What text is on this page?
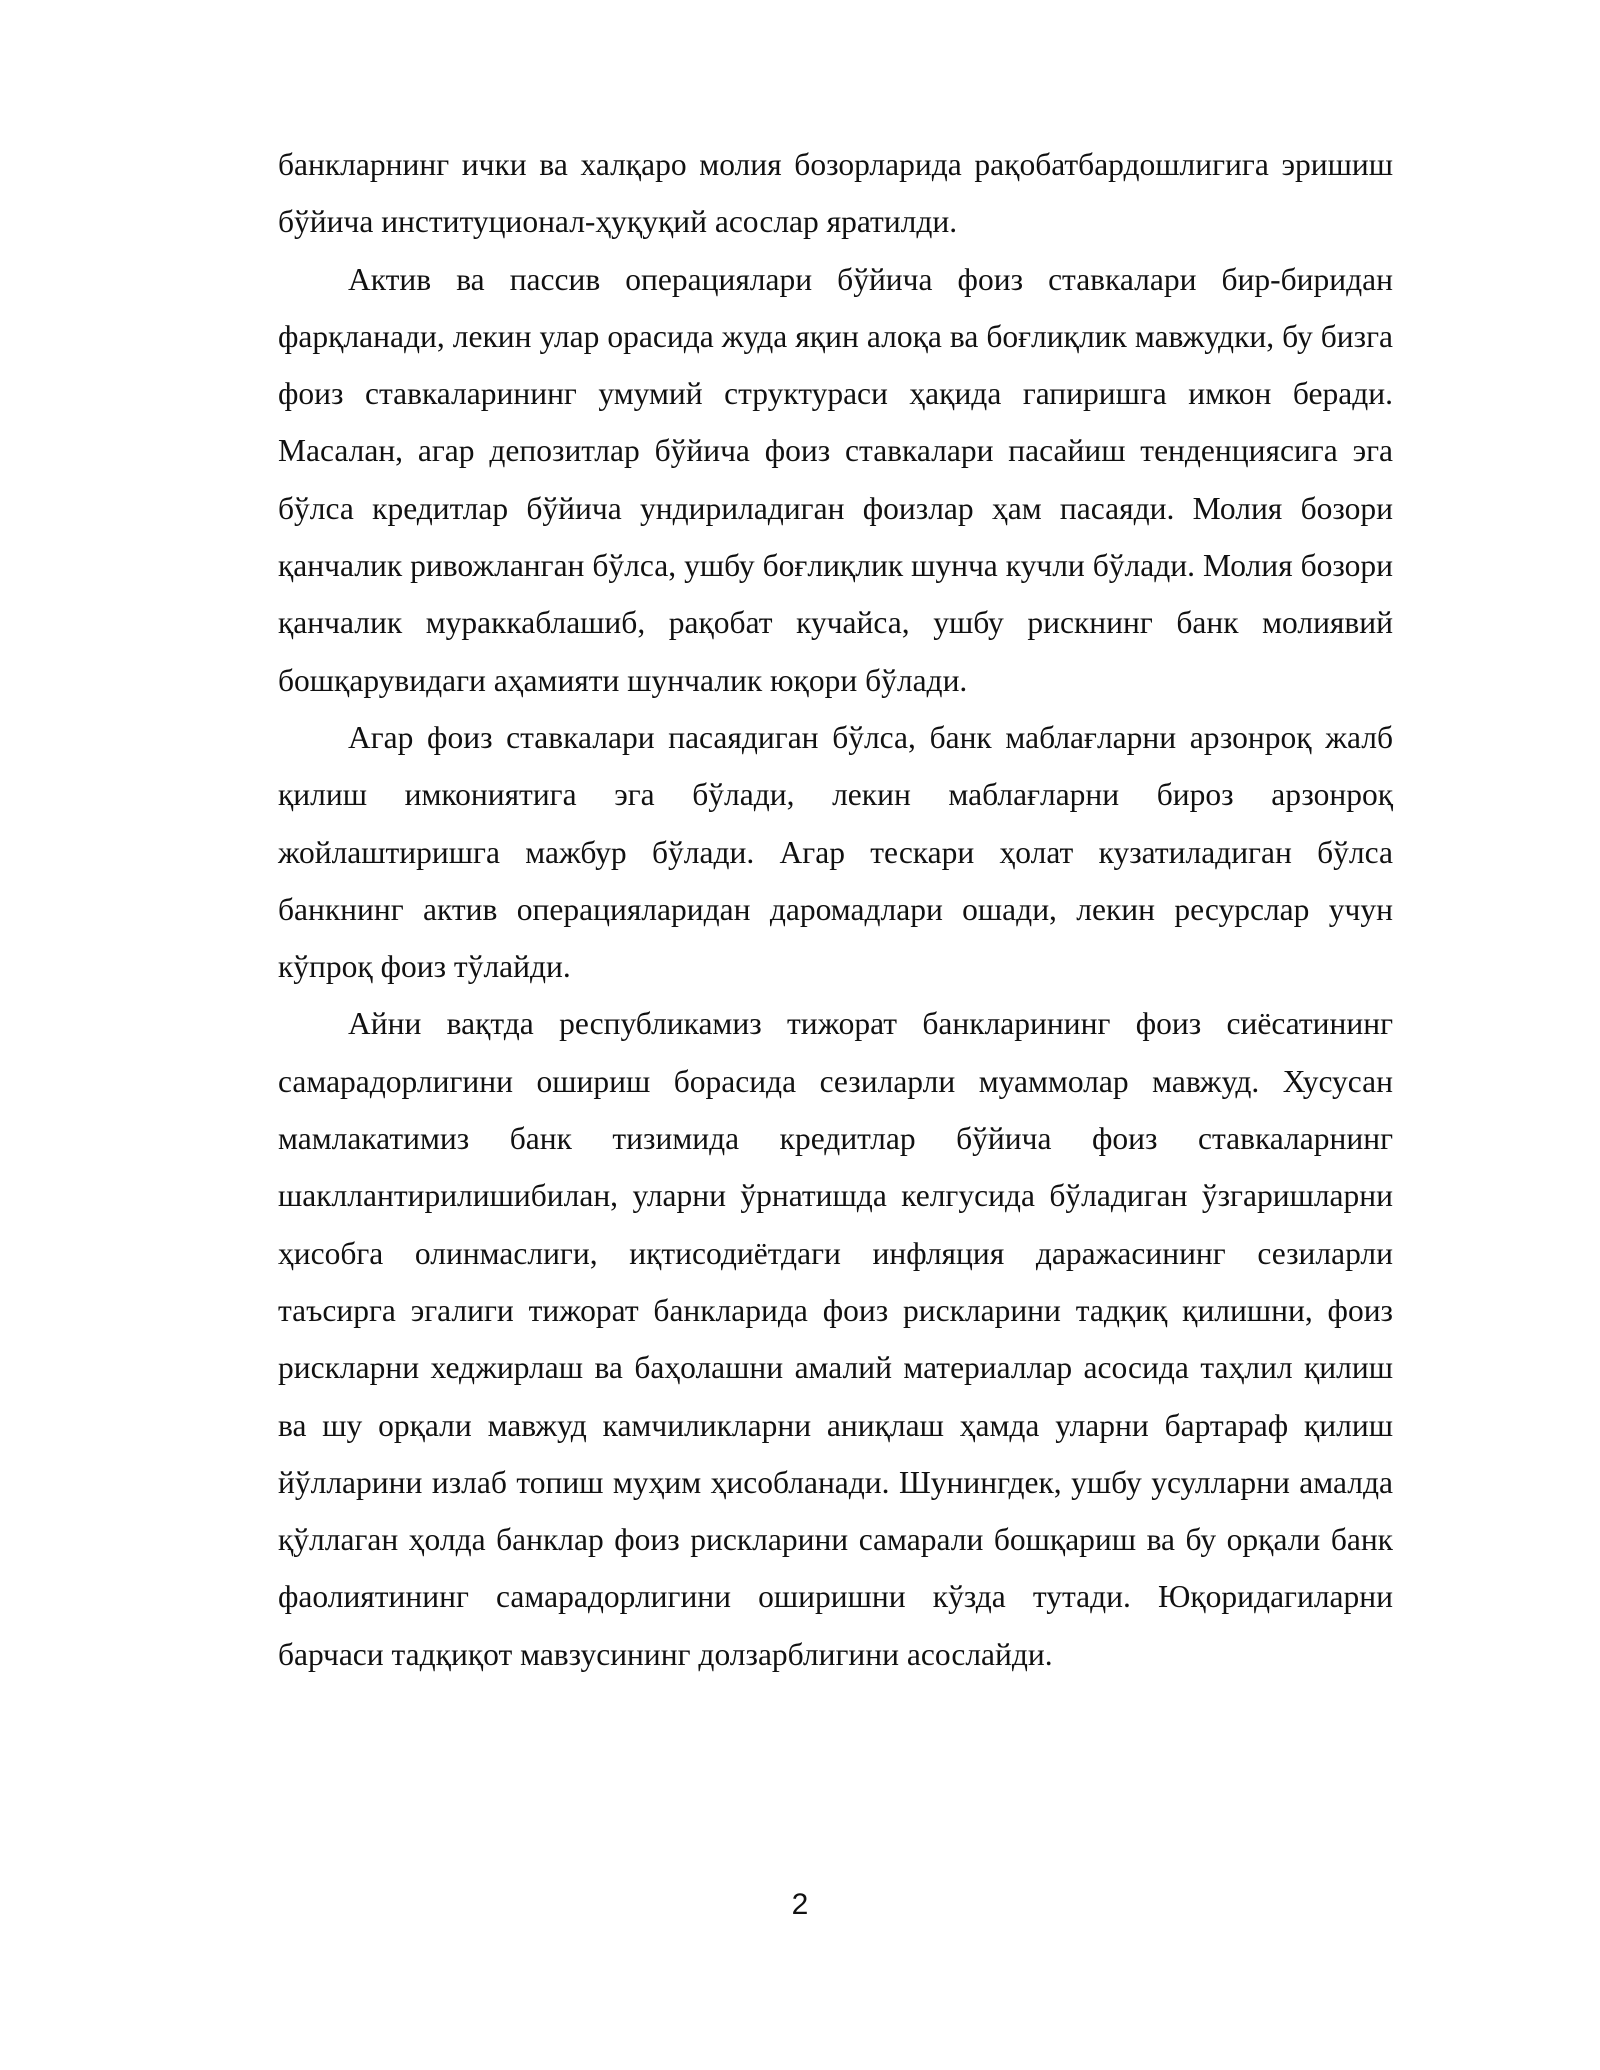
банкларнинг ички ва халқаро молия бозорларида рақобатбардошлигига эришиш бўйича институционал-ҳуқуқий асослар яратилди.

Актив ва пассив операциялари бўйича фоиз ставкалари бир-биридан фарқланади, лекин улар орасида жуда яқин алоқа ва боғлиқлик мавжудки, бу бизга фоиз ставкаларининг умумий структураси ҳақида гапиришга имкон беради. Масалан, агар депозитлар бўйича фоиз ставкалари пасайиш тенденциясига эга бўлса кредитлар бўйича ундириладиган фоизлар ҳам пасаяди. Молия бозори қанчалик ривожланган бўлса, ушбу боғлиқлик шунча кучли бўлади. Молия бозори қанчалик мураккаблашиб, рақобат кучайса, ушбу рискнинг банк молиявий бошқарувидаги аҳамияти шунчалик юқори бўлади.

Агар фоиз ставкалари пасаядиган бўлса, банк маблағларни арзонроқ жалб қилиш имкониятига эга бўлади, лекин маблағларни бироз арзонроқ жойлаштиришга мажбур бўлади. Агар тескари ҳолат кузатиладиган бўлса банкнинг актив операцияларидан даромадлари ошади, лекин ресурслар учун кўпроқ фоиз тўлайди.

Айни вақтда республикамиз тижорат банкларининг фоиз сиёсатининг самарадорлигини ошириш борасида сезиларли муаммолар мавжуд. Хусусан мамлакатимиз банк тизимида кредитлар бўйича фоиз ставкаларнинг шакллантирилишибилан, уларни ўрнатишда келгусида бўладиган ўзгаришларни ҳисобга олинмаслиги, иқтисодиётдаги инфляция даражасининг сезиларли таъсирга эгалиги тижорат банкларида фоиз рискларини тадқиқ қилишни, фоиз рискларни хеджирлаш ва баҳолашни амалий материаллар асосида таҳлил қилиш ва шу орқали мавжуд камчиликларни аниқлаш ҳамда уларни бартараф қилиш йўлларини излаб топиш муҳим ҳисобланади. Шунингдек, ушбу усулларни амалда қўллаган ҳолда банклар фоиз рискларини самарали бошқариш ва бу орқали банк фаолиятининг самарадорлигини оширишни кўзда тутади. Юқоридагиларни барчаси тадқиқот мавзусининг долзарблигини асослайди.

2
